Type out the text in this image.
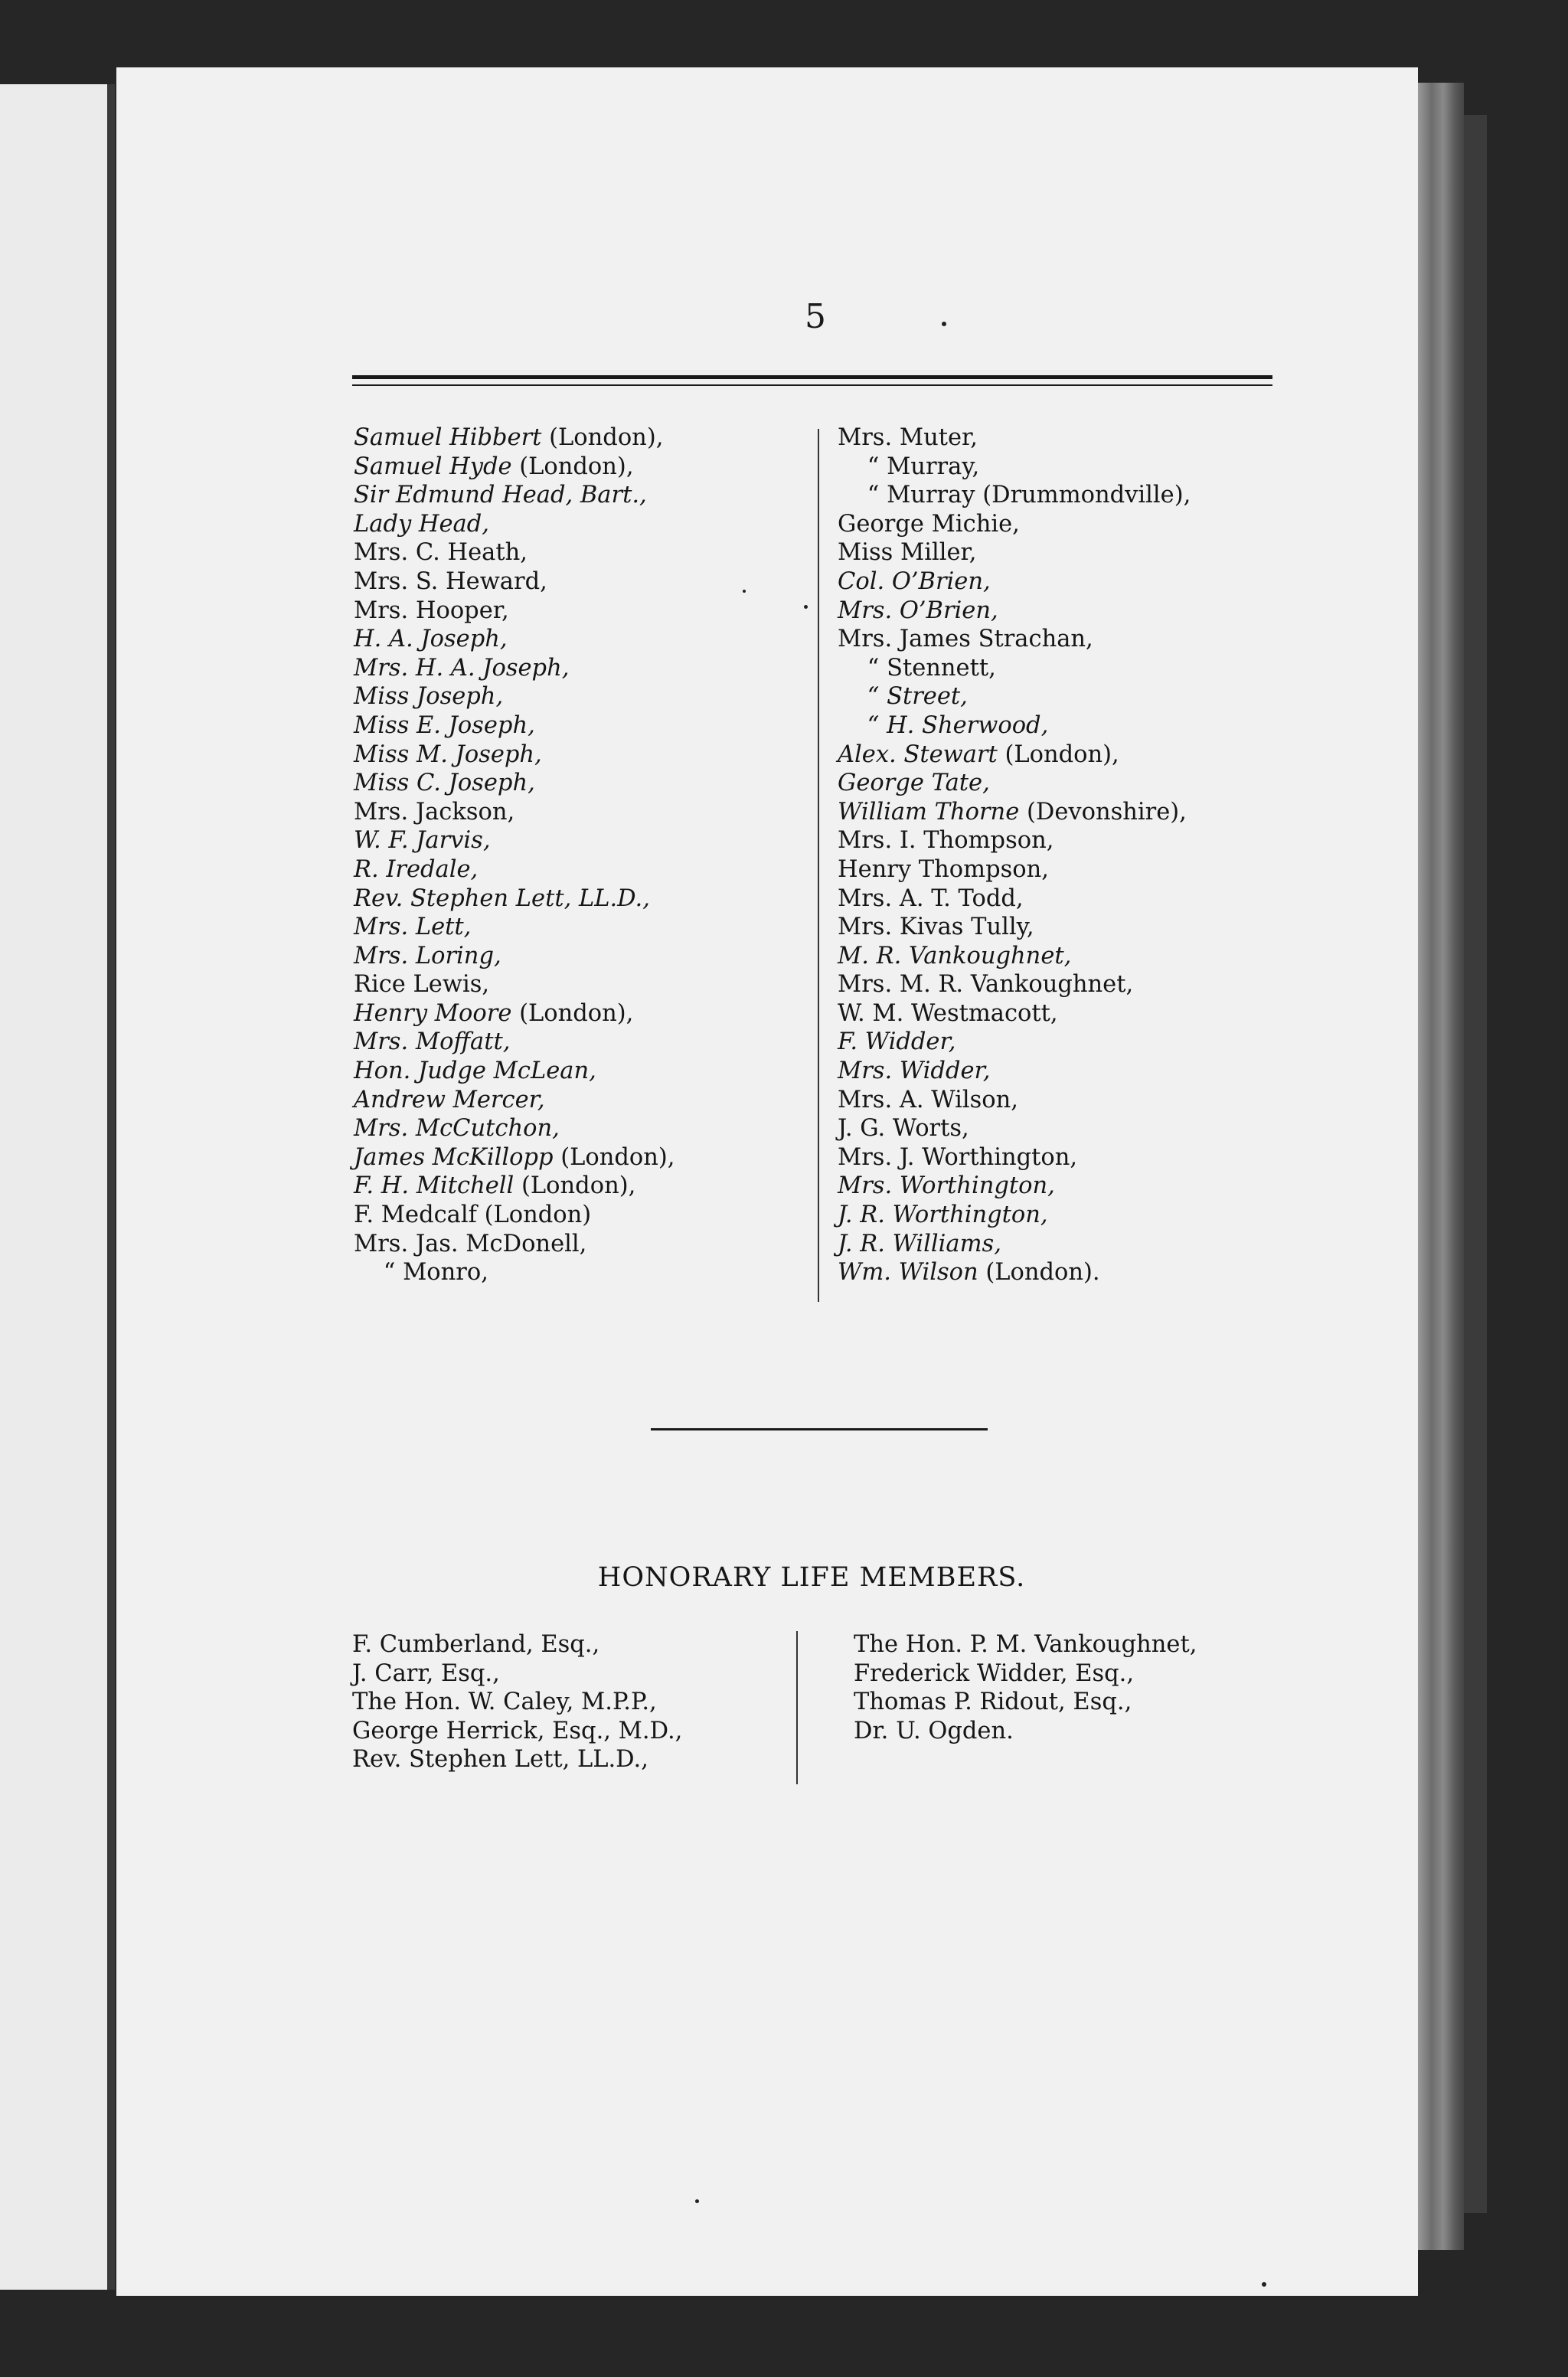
5
Samuel Hibbert (London),
Samuel Hyde (London),
Sir Edmund Head, Bart.,
Lady Head,
Mrs. C. Heath,
Mrs. S. Heward,
Mrs. Hooper,
H. A. Joseph,
Mrs. H. A. Joseph,
Miss Joseph,
Miss E. Joseph,
Miss M. Joseph,
Miss C. Joseph,
Mrs. Jackson,
W. F. Jarvis,
R. Iredale,
Rev. Stephen Lett, LL.D.,
Mrs. Lett,
Mrs. Loring,
Rice Lewis,
Henry Moore (London),
Mrs. Moffatt,
Hon. Judge McLean,
Andrew Mercer,
Mrs. McCutchon,
James McKillopp (London),
F. H. Mitchell (London),
F. Medcalf (London)
Mrs. Jas. McDonell,
“ Monro,
Mrs. Muter,
“ Murray,
“ Murray (Drummondville),
George Michie,
Miss Miller,
Col. O’Brien,
Mrs. O’Brien,
Mrs. James Strachan,
“ Stennett,
“ Street,
“ H. Sherwood,
Alex. Stewart (London),
George Tate,
William Thorne (Devonshire),
Mrs. I. Thompson,
Henry Thompson,
Mrs. A. T. Todd,
Mrs. Kivas Tully,
M. R. Vankoughnet,
Mrs. M. R. Vankoughnet,
W. M. Westmacott,
F. Widder,
Mrs. Widder,
Mrs. A. Wilson,
J. G. Worts,
Mrs. J. Worthington,
Mrs. Worthington,
J. R. Worthington,
J. R. Williams,
Wm. Wilson (London).
HONORARY LIFE MEMBERS.
F. Cumberland, Esq.,
J. Carr, Esq.,
The Hon. W. Caley, M.P.P.,
George Herrick, Esq., M.D.,
Rev. Stephen Lett, LL.D.,
The Hon. P. M. Vankoughnet,
Frederick Widder, Esq.,
Thomas P. Ridout, Esq.,
Dr. U. Ogden.
